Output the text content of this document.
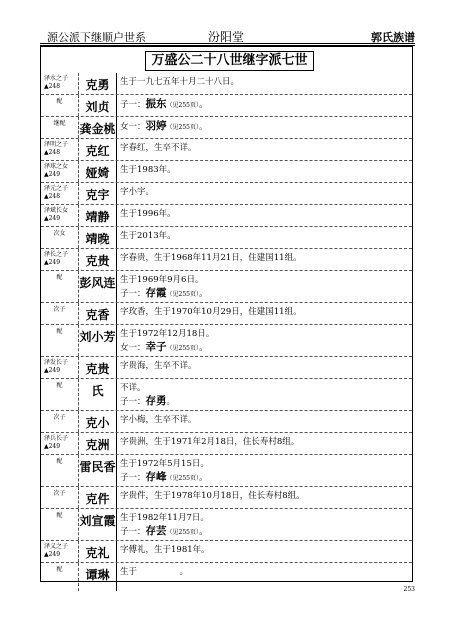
源公派下继顺户世系	汾阳堂	郭氏族谱
万盛公二十八世继字派七世
泽水之子
▲248	克勇	生于一九七五年十月二十八日。
配	刘贞	子一：振东（见255页）。
继配	龚金桃 女一：羽婷（见255页）。
泽明之子
▲248	克红	字春红，生卒不详。
泽球之女
▲249	娅婍	生于1983年。
泽元之子
▲248	克宇	字小宇。
泽斌长女
▲249	靖静	生于1996年。
次女	靖晚	生于2013年。
泽长之子
▲249	克贵	字春贵，生于1968年11月21日，住建国11组。
配	彭风连 生于1969年9月6日。
子一：存霞（见255页）。
次子	克香	字玫香，生于1970年10月29日，住建国11组。
配	刘小芳 生于1972年12月18日。
女一：幸子（见255页）。
泽发长子
▲249	克贵	字贵海，生卒不详。
配	氏	不详。
子一：存勇。
次子	克小	字小梅，生卒不详。
泽兵长子
▲249	克洲	字贵洲，生于1971年2月18日，住长寿村8组。
配	雷民香 生于1972年5月15日。
子一：存峰（见255页）。
次子	克件	字贵件，生于1978年10月18日，住长寿村8组。
配	刘宣霞 生于1982年11月7日。
子一：存芸（见255页）。
泽义之子
▲249	克礼	字傅礼，生于1981年。
配	谭琳	生于　　　　　。
253
